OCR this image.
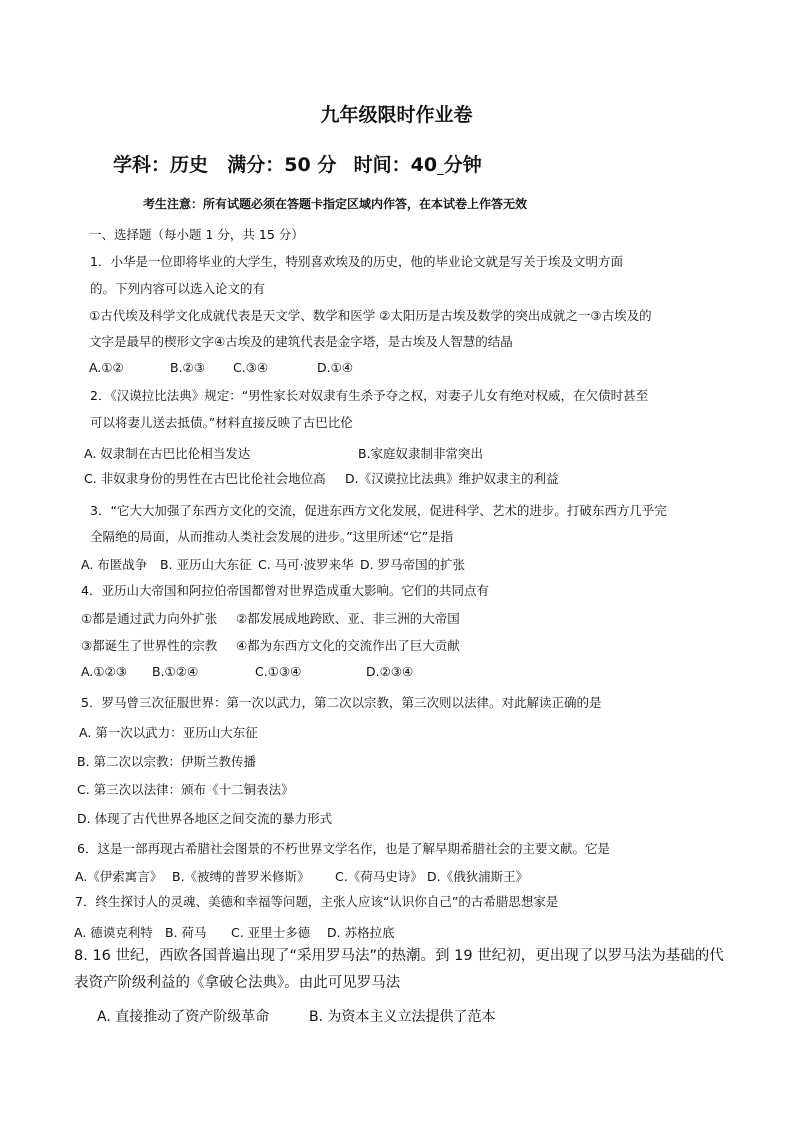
九年级限时作业卷
学科：历史 满分：50 分 时间：40 分钟
考生注意：所有试题必须在答题卡指定区域内作答，在本试卷上作答无效
一、选择题（每小题 1 分，共 15 分）
1．小华是一位即将毕业的大学生，特别喜欢埃及的历史，他的毕业论文就是写关于埃及文明方面
的。下列内容可以选入论文的有
①古代埃及科学文化成就代表是天文学、数学和医学 ②太阳历是古埃及数学的突出成就之一③古埃及的
文字是最早的楔形文字④古埃及的建筑代表是金字塔，是古埃及人智慧的结晶
A.①②	B.②③ C.③④	D.①④
2．《汉谟拉比法典》规定：“男性家长对奴隶有生杀予夺之权，对妻子儿女有绝对权威，在欠债时甚至
可以将妻儿送去抵债。”材料直接反映了古巴比伦
A. 奴隶制在古巴比伦相当发达	B.家庭奴隶制非常突出
C. 非奴隶身份的男性在古巴比伦社会地位高 D.《汉谟拉比法典》维护奴隶主的利益
3．“它大大加强了东西方文化的交流，促进东西方文化发展，促进科学、艺术的进步。打破东西方几乎完
全隔绝的局面，从而推动人类社会发展的进步。”这里所述“它”是指
A. 布匿战争 B. 亚历山大东征 C. 马可·波罗来华 D. 罗马帝国的扩张
4．亚历山大帝国和阿拉伯帝国都曾对世界造成重大影响。它们的共同点有
①都是通过武力向外扩张 ②都发展成地跨欧、亚、非三洲的大帝国
③都诞生了世界性的宗教 ④都为东西方文化的交流作出了巨大贡献
A.①②③ B.①②④	C.①③④	D.②③④
5．罗马曾三次征服世界：第一次以武力，第二次以宗教，第三次则以法律。对此解读正确的是
A. 第一次以武力：亚历山大东征
B. 第二次以宗教：伊斯兰教传播
C. 第三次以法律：颁布《十二铜表法》
D. 体现了古代世界各地区之间交流的暴力形式
6．这是一部再现古希腊社会图景的不朽世界文学名作，也是了解早期希腊社会的主要文献。它是
A.《伊索寓言》 B.《被缚的普罗米修斯》 C.《荷马史诗》 D.《俄狄浦斯王》
7．终生探讨人的灵魂、美德和幸福等问题，主张人应该“认识你自己”的古希腊思想家是
A. 德谟克利特 B. 荷马 C. 亚里士多德 D. 苏格拉底
8. 16 世纪，西欧各国普遍出现了“采用罗马法”的热潮。到 19 世纪初，更出现了以罗马法为基础的代
表资产阶级利益的《拿破仑法典》。由此可见罗马法
A. 直接推动了资产阶级革命	B. 为资本主义立法提供了范本
